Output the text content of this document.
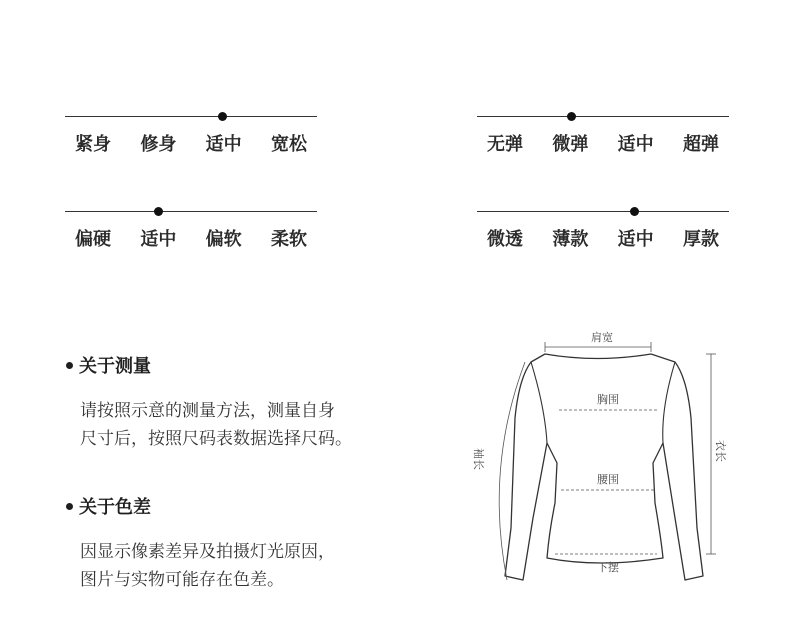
紧身 修身 适中 宽松	无弹 微弹 适中 超弹
偏硬 适中 偏软 柔软	微透 薄款 适中 厚款
关于测量
请按照示意的测量方法，测量自身
尺寸后，按照尺码表数据选择尺码。
关于色差
因显示像素差异及拍摄灯光原因，
图片与实物可能存在色差。
肩宽
胸围
腰围
下摆
袖长	衣长
